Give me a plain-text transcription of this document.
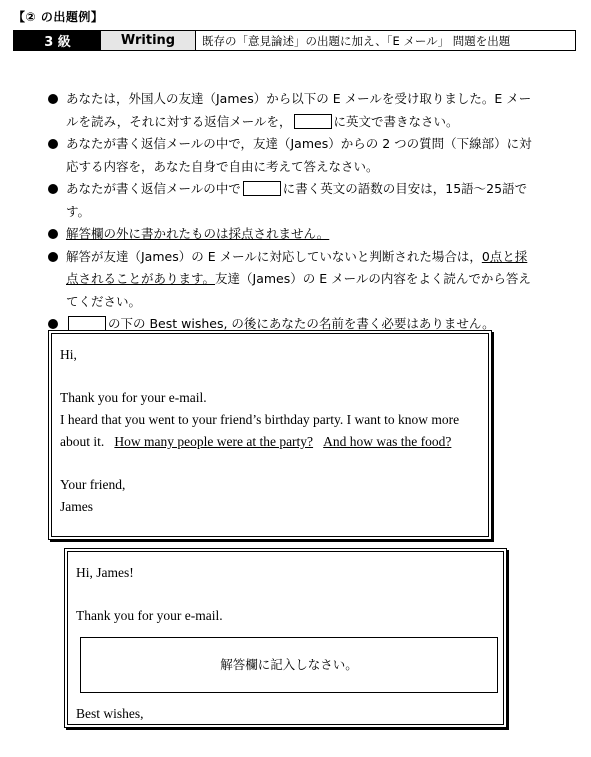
【② の出題例】
3 級	Writing	既存の「意見論述」の出題に加え、「E メール」 問題を出題
あなたは，外国人の友達（James）から以下の E メールを受け取りました。E メールを読み，それに対する返信メールを，	に英文で書きなさい。
あなたが書く返信メールの中で，友達（James）からの 2 つの質問（下線部）に対応する内容を，あなた自身で自由に考えて答えなさい。
あなたが書く返信メールの中で	に書く英文の語数の目安は，15語～25語です。
解答欄の外に書かれたものは採点されません。
解答が友達（James）の E メールに対応していないと判断された場合は，0点と採点されることがあります。友達（James）の E メールの内容をよく読んでから答えてください。
の下の Best wishes, の後にあなたの名前を書く必要はありません。

Hi,

Thank you for your e-mail.

I heard that you went to your friend’s birthday party. I want to know more about it. How many people were at the party? And how was the food?

Your friend,

James

Hi, James!

Thank you for your e-mail.

解答欄に記入しなさい。

Best wishes,
